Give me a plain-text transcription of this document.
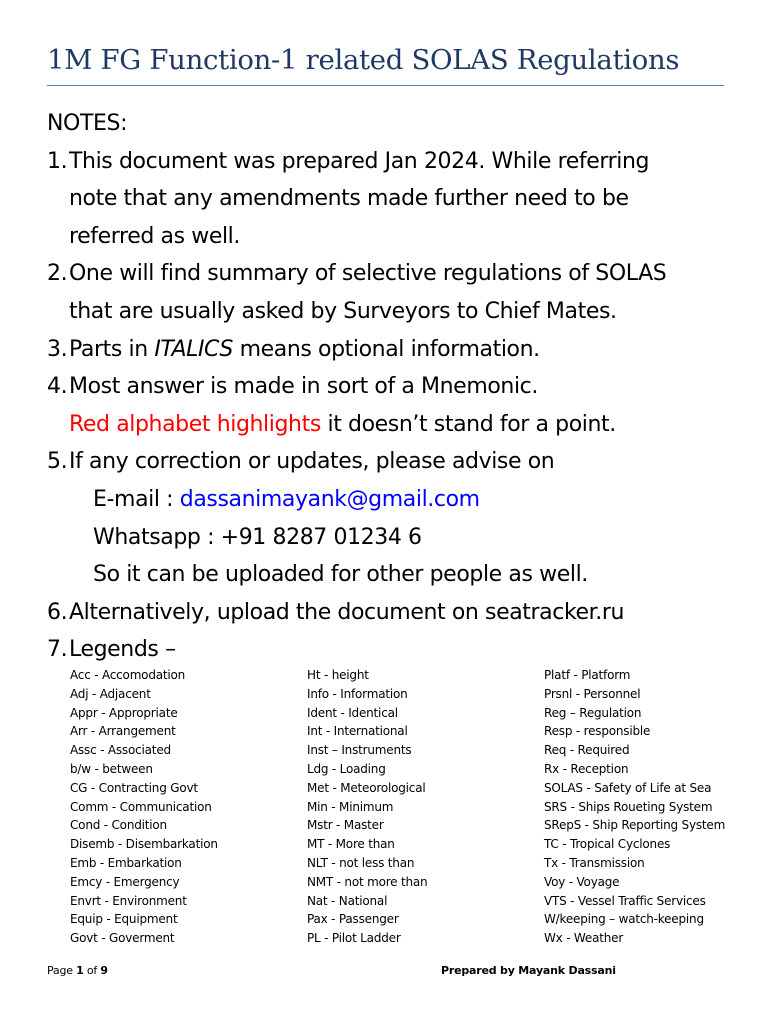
1M FG Function-1 related SOLAS Regulations
NOTES:
1. This document was prepared Jan 2024. While referring
note that any amendments made further need to be
referred as well.
2. One will find summary of selective regulations of SOLAS
that are usually asked by Surveyors to Chief Mates.
3. Parts in ITALICS means optional information.
4. Most answer is made in sort of a Mnemonic.
Red alphabet highlights it doesn’t stand for a point.
5. If any correction or updates, please advise on
E-mail : dassanimayank@gmail.com
Whatsapp : +91 8287 01234 6
So it can be uploaded for other people as well.
6. Alternatively, upload the document on seatracker.ru
7. Legends –
Acc - Accomodation
Adj - Adjacent
Appr - Appropriate
Arr - Arrangement
Assc - Associated
b/w - between
CG - Contracting Govt
Comm - Communication
Cond - Condition
Disemb - Disembarkation
Emb - Embarkation
Emcy - Emergency
Envrt - Environment
Equip - Equipment
Govt - Goverment
Ht - height
Info - Information
Ident - Identical
Int - International
Inst – Instruments
Ldg - Loading
Met - Meteorological
Min - Minimum
Mstr - Master
MT - More than
NLT - not less than
NMT - not more than
Nat - National
Pax - Passenger
PL - Pilot Ladder
Platf - Platform
Prsnl - Personnel
Reg – Regulation
Resp - responsible
Req - Required
Rx - Reception
SOLAS - Safety of Life at Sea
SRS - Ships Roueting System
SRepS - Ship Reporting System
TC - Tropical Cyclones
Tx - Transmission
Voy - Voyage
VTS - Vessel Traffic Services
W/keeping – watch-keeping
Wx - Weather
Page 1 of 9	Prepared by Mayank Dassani
